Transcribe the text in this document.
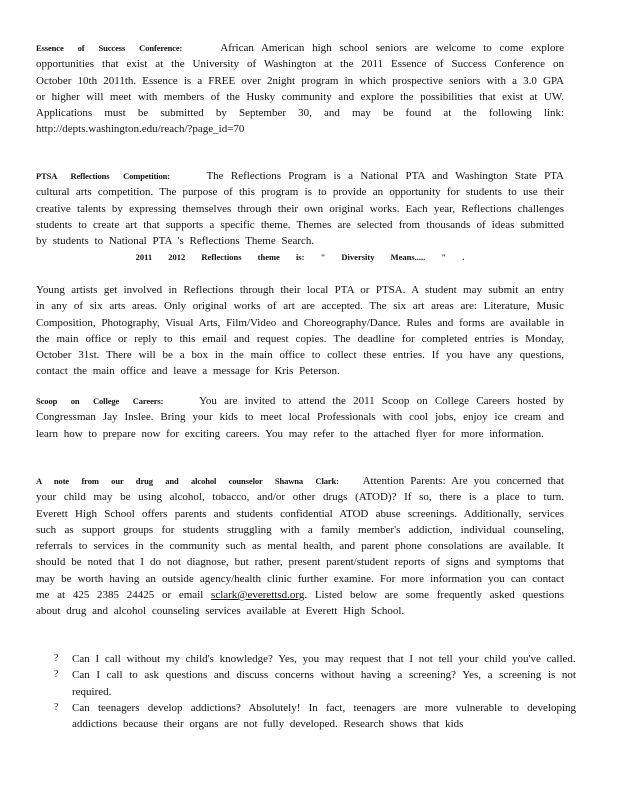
Essence of Success Conference:	African American high school seniors are welcome to come explore opportunities that exist at the University of Washington at the 2011 Essence of Success Conference on October 10th 2011th. Essence is a FREE over 2night program in which prospective seniors with a 3.0 GPA or higher will meet with members of the Husky community and explore the possibilities that exist at UW. Applications must be submitted by September 30, and may be found at the following link: http://depts.washington.edu/reach/?page_id=70

PTSA Reflections Competition:	The Reflections Program is a National PTA and Washington State PTA cultural arts competition. The purpose of this program is to provide an opportunity for students to use their creative talents by expressing themselves through their own original works. Each year, Reflections challenges students to create art that supports a specific theme. Themes are selected from thousands of ideas submitted by students to National PTA 's Reflections Theme Search.
2011 2012 Reflections theme is: " Diversity Means..... " .

Young artists get involved in Reflections through their local PTA or PTSA. A student may submit an entry in any of six arts areas. Only original works of art are accepted. The six art areas are: Literature, Music Composition, Photography, Visual Arts, Film/Video and Choreography/Dance. Rules and forms are available in the main office or reply to this email and request copies. The deadline for completed entries is Monday, October 31st. There will be a box in the main office to collect these entries. If you have any questions, contact the main office and leave a message for Kris Peterson.

Scoop on College Careers:	You are invited to attend the 2011 Scoop on College Careers hosted by Congressman Jay Inslee. Bring your kids to meet local Professionals with cool jobs, enjoy ice cream and learn how to prepare now for exciting careers. You may refer to the attached flyer for more information.

A note from our drug and alcohol counselor Shawna Clark: Attention Parents: Are you concerned that your child may be using alcohol, tobacco, and/or other drugs (ATOD)? If so, there is a place to turn. Everett High School offers parents and students confidential ATOD abuse screenings. Additionally, services such as support groups for students struggling with a family member's addiction, individual counseling, referrals to services in the community such as mental health, and parent phone consolations are available. It should be noted that I do not diagnose, but rather, present parent/student reports of signs and symptoms that may be worth having an outside agency/health clinic further examine. For more information you can contact me at 425 2385 24425 or email sclark@everettsd.org. Listed below are some frequently asked questions about drug and alcohol counseling services available at Everett High School.

? Can I call without my child's knowledge? Yes, you may request that I not tell your child you've called.
? Can I call to ask questions and discuss concerns without having a screening? Yes, a screening is not required.
? Can teenagers develop addictions? Absolutely! In fact, teenagers are more vulnerable to developing addictions because their organs are not fully developed. Research shows that kids
